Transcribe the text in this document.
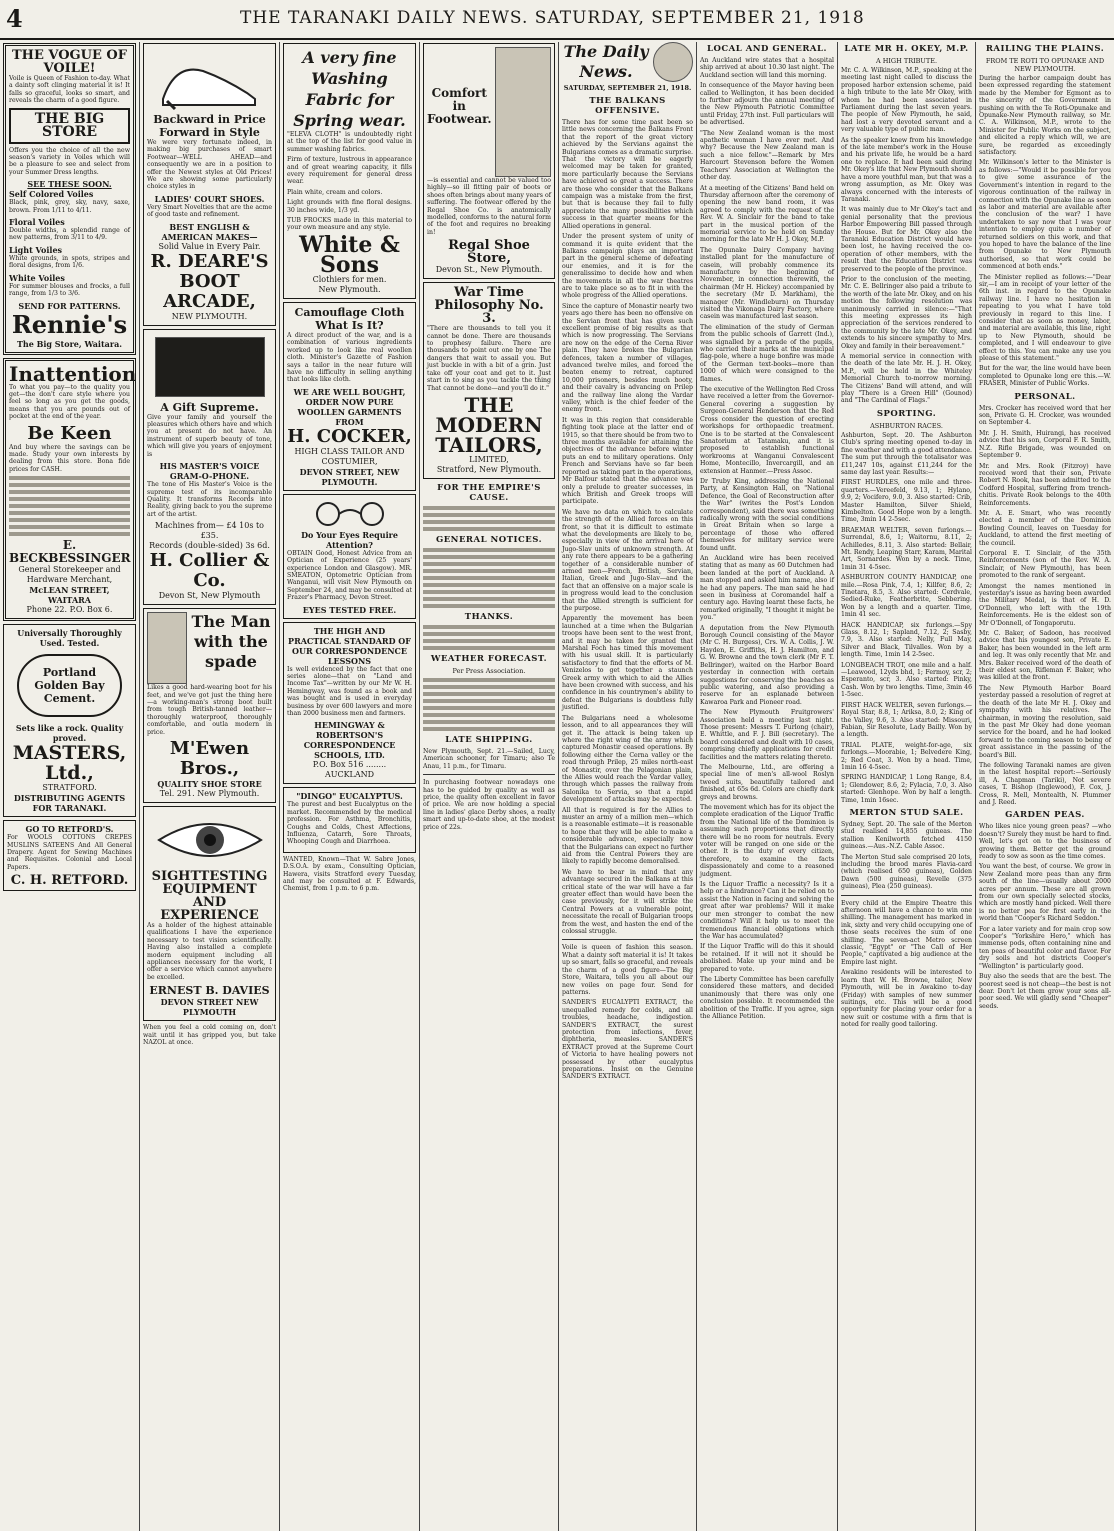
4	THE TARANAKI DAILY NEWS. SATURDAY, SEPTEMBER 21, 1918
THE VOGUE OF VOILE!
Voile is Queen of Fashion to-day. What a dainty soft clinging material it is! It falls so graceful, looks so smart, and reveals the charm of a good figure.
THE BIG STORE
Offers you the choice of all the new season's variety in Voiles which will be a pleasure to see and select from your Summer Dress lengths.
SEE THESE SOON.
Self Colored Voiles
Black, pink, grey, sky, navy, saxe, brown. From 1/11 to 4/11.
Floral Voiles
Double widths, a splendid range of new patterns, from 3/11 to 4/9.
Light Voiles
White grounds, in spots, stripes and floral designs, from 1/6.
White Voiles
For summer blouses and frocks, a full range, from 1/3 to 3/6.
SEND FOR PATTERNS.
Rennie's
The Big Store, Waitara.
Inattention
To what you pay—to the quality you get—the don't care style where you feel so long as you get the goods, means that you are pounds out of pocket at the end of the year.
Be Keen
And buy where the savings can be made. Study your own interests by dealing from this store. Bona fide prices for CASH.
E. BECKBESSINGER
General Storekeeper and Hardware Merchant,
McLEAN STREET, WAITARA
Phone 22. P.O. Box 6.
Universally Thoroughly Used. Tested.
Portland Golden Bay Cement.
Sets like a rock. Quality proved.
MASTERS, Ltd.,
STRATFORD.
DISTRIBUTING AGENTS FOR TARANAKI.
GO TO RETFORD'S.
For WOOLS COTTONS CREPES MUSLINS SATEENS And All General Drapery. Agent for Sewing Machines and Requisites. Colonial and Local Papers.
C. H. RETFORD.
Backward in Price Forward in Style
We were very fortunate indeed, in making big purchases of smart Footwear—WELL AHEAD—and consequently we are in a position to offer the Newest styles at Old Prices! We are showing some particularly choice styles in
LADIES' COURT SHOES.
Very Smart Novelties that are the acme of good taste and refinement.
BEST ENGLISH & AMERICAN MAKES—
Solid Value in Every Pair.
R. DEARE'S BOOT ARCADE,
NEW PLYMOUTH.
A Gift Supreme.
Give your family and yourself the pleasures which others have and which you at present do not have. An instrument of superb beauty of tone, which will give you years of enjoyment is
HIS MASTER'S VOICE GRAM-O-PHONE.
The tone of His Master's Voice is the supreme test of its incomparable Quality. It transforms Records into Reality, giving back to you the supreme art of the artist.
Machines from— £4 10s to £35.
Records (double-sided) 3s 6d.
H. Collier & Co.
Devon St, New Plymouth
The Man with the spade
Likes a good hard-wearing boot for his feet, and we've got just the thing here—a working-man's strong boot built from tough British-tanned leather—thoroughly waterproof, thoroughly comfortable, and outla modern in price.
M'Ewen Bros.,
QUALITY SHOE STORE
Tel. 291. New Plymouth.
SIGHTTESTING EQUIPMENT AND EXPERIENCE
As a holder of the highest attainable qualifications I have the experience necessary to test vision scientifically. Having also installed a complete modern equipment including all appliances necessary for the work, I offer a service which cannot anywhere be excelled.
ERNEST B. DAVIES
DEVON STREET NEW PLYMOUTH
When you feel a cold coming on, don't wait until it has gripped you, but take NAZOL at once.
A very fine Washing Fabric for Spring wear.
"ELEVA CLOTH" is undoubtedly right at the top of the list for good value in summer washing fabrics.
Firm of texture, lustrous in appearance and of great wearing capacity, it fills every requirement for general dress wear.
Plain white, cream and colors.
Light grounds with fine floral designs. 30 inches wide, 1/3 yd.
TUB FROCKS made in this material to your own measure and any style.
White & Sons
Clothiers for men.
New Plymouth.
Camouflage Cloth What Is It?
A direct product of the war, and is a combination of various ingredients worked up to look like real woollen cloth. Minister's Gazette of Fashion says a tailor in the near future will have no difficulty in selling anything that looks like cloth.
WE ARE WELL BOUGHT, ORDER NOW PURE WOOLLEN GARMENTS FROM
H. COCKER,
HIGH CLASS TAILOR AND COSTUMIER,
DEVON STREET, NEW PLYMOUTH.
Do Your Eyes Require Attention?
OBTAIN Good, Honest Advice from an Optician of Experience (25 years' experience London and Glasgow). MR. SMEATON, Optometric Optician from Wanganui, will visit New Plymouth on September 24, and may be consulted at Frazer's Pharmacy, Devon Street.
EYES TESTED FREE.
THE HIGH AND PRACTICAL STANDARD OF OUR CORRESPONDENCE LESSONS
Is well evidenced by the fact that one series alone—that on "Land and Income Tax"—written by our Mr W. H. Hemingway, was found as a book and was bought and is used in everyday business by over 600 lawyers and more than 2000 business men and farmers.
HEMINGWAY & ROBERTSON'S CORRESPONDENCE SCHOOLS, LTD.
P.O. Box 516 ........ AUCKLAND
"DINGO" EUCALYPTUS.
The purest and best Eucalyptus on the market. Recommended by the medical profession. For Asthma, Bronchitis, Coughs and Colds, Chest Affections, Influenza, Catarrh, Sore Throats, Whooping Cough and Diarrhoea.
WANTED, Known—That W. Sabre Jones, D.S.O.A. by exam., Consulting Optician, Hawera, visits Stratford every Tuesday, and may be consulted at F. Edwards, Chemist, from 1 p.m. to 6 p.m.
Comfort in Footwear.
—is essential and cannot be valued too highly—so ill fitting pair of boots or shoes often brings about many years of suffering. The footwear offered by the Regal Shoe Co. is anatomically modelled, conforms to the natural form of the foot and requires no breaking in!
Regal Shoe Store,
Devon St., New Plymouth.
War Time Philosophy No. 3.
"There are thousands to tell you it cannot be done. There are thousands to prophesy failure. There are thousands to point out one by one The dangers that wait to assail you. But just buckle in with a bit of a grin. Just take off your coat and get to it. Just start in to sing as you tackle the thing That cannot be done—and you'll do it."
THE MODERN TAILORS,
LIMITED,
Stratford, New Plymouth.
FOR THE EMPIRE'S CAUSE.
GENERAL NOTICES.
THANKS.
WEATHER FORECAST.
Per Press Association.
LATE SHIPPING.
New Plymouth, Sept. 21.—Sailed, Lucy, American schooner, for Timaru; also Te Anau, 11 p.m., for Timaru.
In purchasing footwear nowadays one has to be guided by quality as well as price, the quality often excellent in favor of price. We are now holding a special line in ladies' glace Derby shoes, a really smart and up-to-date shoe, at the modest price of 22s.
The Daily News.
SATURDAY, SEPTEMBER 21, 1918.
THE BALKANS OFFENSIVE.
There has for some time past been so little news concerning the Balkans Front that the report of the great victory achieved by the Servians against the Bulgarians comes as a dramatic surprise. That the victory will be eagerly welcomed may be taken for granted, more particularly because the Servians have achieved so great a success. There are those who consider that the Balkans campaign was a mistake from the first, but that is because they fail to fully appreciate the many possibilities which success in that quarter means for the Allied operations in general.
Under the present system of unity of command it is quite evident that the Balkans campaign plays an important part in the general scheme of defeating our enemies, and it is for the generalissimo to decide how and when the movements in all the war theatres are to take place so as to fit in with the whole progress of the Allied operations.
Since the capture of Monastir nearly two years ago there has been no offensive on the Servian front that has given such excellent promise of big results as that which is now progressing. The Servians are now on the edge of the Cerna River plain. They have broken the Bulgarian defences, taken a number of villages, advanced twelve miles, and forced the beaten enemy to retreat, captured 10,000 prisoners, besides much booty, and their cavalry is advancing on Prilep and the railway line along the Vardar valley, which is the chief feeder of the enemy front.
It was in this region that considerable fighting took place at the latter end of 1915, so that there should be from two to three months available for attaining the objectives of the advance before winter puts an end to military operations. Only French and Servians have so far been reported as taking part in the operations, Mr Balfour stated that the advance was only a prelude to greater successes, in which British and Greek troops will participate.
We have no data on which to calculate the strength of the Allied forces on this front, so that it is difficult to estimate what the developments are likely to be, especially in view of the arrival here of Jugo-Slav units of unknown strength. At any rate there appears to be a gathering together of a considerable number of armed men—French, British, Servian, Italian, Greek and Jugo-Slav—and the fact that an offensive on a major scale is in progress would lead to the conclusion that the Allied strength is sufficient for the purpose.
Apparently the movement has been launched at a time when the Bulgarian troops have been sent to the west front, and it may be taken for granted that Marshal Foch has timed this movement with his usual skill. It is particularly satisfactory to find that the efforts of M. Venizelos to get together a staunch Greek army with which to aid the Allies have been crowned with success, and his confidence in his countrymen's ability to defeat the Bulgarians is doubtless fully justified.
The Bulgarians need a wholesome lesson, and to all appearances they will get it. The attack is being taken up where the right wing of the army which captured Monastir ceased operations. By following either the Cerna valley or the road through Prilep, 25 miles north-east of Monastir, over the Pelagonian plain, the Allies would reach the Vardar valley, through which passes the railway from Salonika to Servia, so that a rapid development of attacks may be expected.
All that is required is for the Allies to muster an army of a million men—which is a reasonable estimate—it is reasonable to hope that they will be able to make a considerable advance, especially now that the Bulgarians can expect no further aid from the Central Powers they are likely to rapidly become demoralised.
We have to bear in mind that any advantage secured in the Balkans at this critical state of the war will have a far greater effect than would have been the case previously, for it will strike the Central Powers at a vulnerable point, necessitate the recall of Bulgarian troops from the west, and hasten the end of the colossal struggle.
Voile is queen of fashion this season. What a dainty soft material it is! It takes up so smart, falls so graceful, and reveals the charm of a good figure—The Big Store, Waitara, tells you all about our new voiles on page four. Send for patterns.
SANDER'S EUCALYPTI EXTRACT, the unequalled remedy for colds, and all troubles, headache, indigestion. SANDER'S EXTRACT, the surest protection from infections, fever, diphtheria, measles. SANDER'S EXTRACT proved at the Supreme Court of Victoria to have healing powers not possessed by other eucalyptus preparations. Insist on the Genuine SANDER'S EXTRACT.
LOCAL AND GENERAL.
An Auckland wire states that a hospital ship arrived at about 10.30 last night. The Auckland section will land this morning.
In consequence of the Mayor having been called to Wellington, it has been decided to further adjourn the annual meeting of the New Plymouth Patriotic Committee until Friday, 27th inst. Full particulars will be advertised.
"The New Zealand woman is the most apathetic woman I have ever met. And why? Because the New Zealand man is such a nice fellow."—Remark by Mrs Harcourt Stevenson before the Women Teachers' Association at Wellington the other day.
At a meeting of the Citizens' Band held on Thursday afternoon after the ceremony of opening the new band room, it was agreed to comply with the request of the Rev. W. A. Sinclair for the band to take part in the musical portion of the memorial service to be held on Sunday morning for the late Mr H. J. Okey, M.P.
The Opunake Dairy Company having installed plant for the manufacture of casein, will probably commence its manufacture by the beginning of November, in connection therewith, the chairman (Mr H. Hickey) accompanied by the secretary (Mr D. Markham), the manager (Mr. Windleburn) on Thursday visited the Vikonaga Dairy Factory, where casein was manufactured last season.
The elimination of the study of German from the public schools of Garrett (Ind.), was signalled by a parade of the pupils, who carried their marks at the municipal flag-pole, where a huge bonfire was made of the German text-books—more than 1000 of which were consigned to the flames.
The executive of the Wellington Red Cross have received a letter from the Governor-General covering a suggestion by Surgeon-General Henderson that the Red Cross consider the question of erecting workshops for orthopaedic treatment. One is to be started at the Convalescent Sanatorium at Tatamaku, and it is proposed to establish functional workrooms at Wanganui Convalescent Home, Montecillo, Invercargill, and an extension at Hanmer.—Press Assoc.
Dr Truby King, addressing the National Party, at Kensington Hall, on "National Defence, the Goal of Reconstruction after the War" (writes the Post's London correspondent), said there was something radically wrong with the social conditions in Great Britain when so large a percentage of those who offered themselves for military service were found unfit.
An Auckland wire has been received stating that as many as 60 Dutchmen had been landed at the port of Auckland. A man stopped and asked him name, also if he had any papers. The man said he had seen in business at Coromandel half a century ago. Having learnt these facts, he remarked originally, "I thought it might be you."
A deputation from the New Plymouth Borough Council consisting of the Mayor (Mr C. H. Burgess), Crs. W. A. Collis, J. W. Hayden, E. Griffiths, H. J. Hamilton, and G. W. Browne and the town clerk (Mr F. T. Bellringer), waited on the Harbor Board yesterday in connection with certain suggestions for conserving the beaches as public watering, and also providing a reserve for an esplanade between Kawaroa Park and Pioneer road.
The New Plymouth Fruitgrowers' Association held a meeting last night. Those present: Messrs T. Furlong (chair), E. Whittle, and F. J. Bill (secretary). The board considered and dealt with 10 cases, comprising chiefly applications for credit facilities and the matters relating thereto.
The Melbourne, Ltd., are offering a special line of men's all-wool Roslyn tweed suits, beautifully tailored and finished, at 65s 6d. Colors are chiefly dark greys and browns.
The movement which has for its object the complete eradication of the Liquor Traffic from the National life of the Dominion is assuming such proportions that directly there will be no room for neutrals. Every voter will be ranged on one side or the other. It is the duty of every citizen, therefore, to examine the facts dispassionately and come to a reasoned judgment.
Is the Liquor Traffic a necessity? Is it a help or a hindrance? Can it be relied on to assist the Nation in facing and solving the great after war problems? Will it make our men stronger to combat the new conditions? Will it help us to meet the tremendous financial obligations which the War has accumulated?
If the Liquor Traffic will do this it should be retained. If it will not it should be abolished. Make up your mind and be prepared to vote.
The Liberty Committee has been carefully considered these matters, and decided unanimously that there was only one conclusion possible. It recommended the abolition of the Traffic. If you agree, sign the Alliance Petition.
LATE MR H. OKEY, M.P.
A HIGH TRIBUTE.
Mr. C. A. Wilkinson, M.P., speaking at the meeting last night called to discuss the proposed harbor extension scheme, paid a high tribute to the late Mr Okey, with whom he had been associated in Parliament during the last seven years. The people of New Plymouth, he said, had lost a very devoted servant and a very valuable type of public man.
As the speaker knew from his knowledge of the late member's work in the House and his private life, he would be a hard one to replace. It had been said during Mr. Okey's life that New Plymouth should have a more youthful man, but that was a wrong assumption, as Mr. Okey was always concerned with the interests of Taranaki.
It was mainly due to Mr Okey's tact and genial personality that the previous Harbor Empowering Bill passed through the House. But for Mr. Okey also the Taranaki Education District would have been lost, he having received the co-operation of other members, with the result that the Education District was preserved to the people of the province.
Prior to the conclusion of the meeting, Mr. C. E. Bellringer also paid a tribute to the worth of the late Mr. Okey, and on his motion the following resolution was unanimously carried in silence:—"That this meeting expresses its high appreciation of the services rendered to the community by the late Mr. Okey, and extends to his sincere sympathy to Mrs. Okey and family in their bereavement."
A memorial service in connection with the death of the late Mr. H. J. H. Okey, M.P., will be held in the Whiteley Memorial Church to-morrow morning. The Citizens' Band will attend, and will play "There is a Green Hill" (Gounod) and "The Cardinal of Flags."
SPORTING.
ASHBURTON RACES.
Ashburton, Sept. 20. The Ashburton Club's spring meeting opened to-day in fine weather and with a good attendance. The sum put through the totalisator was £11,247 10s, against £11,244 for the same day last year. Results:—
FIRST HURDLES, one mile and three-quarters.—Vereefeld, 9.13, 1; Hylano, 9.9, 2; Vocifero, 9.0, 3. Also started: Crib, Master Hamilton, Silver Shield, Kimbelton. Good Hope won by a length. Time, 3min 14 2-5sec.
BRAEMAR WELTER, seven furlongs.—Surrendal, 8.6, 1; Waitornu, 8.11, 2; Achilledes, 8.11, 3. Also started: Bellair, Mt. Rendy, Leaping Starr, Karam, Marital Art, Sornardes. Won by a neck. Time, 1min 31 4-5sec.
ASHBURTON COUNTY HANDICAP, one mile.—Rosa Pink, 7.4, 1; Killfer, 8.6, 2; Tinetara, 8.5, 3. Also started: Cerdvale, Sedied-Ruke, Featherbrite, Sebbering. Won by a length and a quarter. Time, 1min 41 sec.
HACK HANDICAP, six furlongs.—Spy Glass, 8.12, 1; Sapland, 7.12, 2; Sasby, 7.9, 3. Also started: Nelly, Full May, Silver and Black, Tilvalles. Won by a length. Time, 1min 14 2-5sec.
LONGBEACH TROT, one mile and a half.—Leawood, 12yds bhd, 1; Fermoy, scr, 2; Esperanto, scr, 3. Also started: Pinky, Cash. Won by two lengths. Time, 3min 46 1-5sec.
FIRST HACK WELTER, seven furlongs.—Royal Star, 8.8, 1; Ariksa, 8.0, 2; King of the Valley, 9.6, 3. Also started: Missouri, Fabian, Sir Resolute, Lady Bailly. Won by a length.
TRIAL PLATE, weight-for-age, six furlongs.—Moorabie, 1; Belvedere King, 2; Red Coat, 3. Won by a head. Time, 1min 16 4-5sec.
SPRING HANDICAP, 1 Long Range, 8.4, 1; Glendower, 8.6, 2; Fylacia, 7.0, 3. Also started: Glenhope. Won by half a length. Time, 1min 16sec.
MERTON STUD SALE.
Sydney, Sept. 20. The sale of the Merton stud realised 14,855 guineas. The stallion Kenilworth fetched 4150 guineas.—Aus.-N.Z. Cable Assoc.
The Merton Stud sale comprised 20 lots, including the brood mares Flavia-card (which realised 650 guineas), Golden Dawn (500 guineas), Revelle (375 guineas), Plea (250 guineas).
Every child at the Empire Theatre this afternoon will have a chance to win one shilling. The management has marked in ink, sixty and very child occupying one of those seats receives the sum of one shilling. The seven-act Metro screen classic, "Egypt" or "The Call of Her People," captivated a big audience at the Empire last night.
Awakino residents will be interested to learn that W. H. Browne, tailor, New Plymouth, will be in Awakino to-day (Friday) with samples of new summer suitings, etc. This will be a good opportunity for placing your order for a new suit or costume with a firm that is noted for really good tailoring.
RAILING THE PLAINS.
FROM TE ROTI TO OPUNAKE AND NEW PLYMOUTH.
During the harbor campaign doubt has been expressed regarding the statement made by the Member for Egmont as to the sincerity of the Government in pushing on with the Te Roti-Opunake and Opunake-New Plymouth railway, so Mr. C. A. Wilkinson, M.P., wrote to the Minister for Public Works on the subject, and elicited a reply which will, we are sure, be regarded as exceedingly satisfactory.
Mr. Wilkinson's letter to the Minister is as follows:—"Would it be possible for you to give some assurance of the Government's intention in regard to the vigorous continuation of the railway in connection with the Opunake line as soon as labor and material are available after the conclusion of the war? I have undertaken to say now that I was your intention to employ quite a number of returned soldiers on this work, and that you hoped to have the balance of the line from Opunake to New Plymouth authorised, so that work could be commenced at both ends."
The Minister replied as follows:—"Dear sir,—I am in receipt of your letter of the 6th inst. in regard to the Opunake railway line. I have no hesitation in repeating to you what I have told previously in regard to this line. I consider that as soon as money, labor, and material are available, this line, right up to New Plymouth, should be completed, and I will endeavour to give effect to this. You can make any use you please of this statement."
But for the war, the line would have been completed to Opunake long ere this.—W. FRASER, Minister of Public Works.
PERSONAL.
Mrs. Crocker has received word that her son, Private G. H. Crocker, was wounded on September 4.
Mr. J. H. Smith, Huirangi, has received advice that his son, Corporal F. R. Smith, N.Z. Rifle Brigade, was wounded on September 9.
Mr. and Mrs. Rook (Fitzroy) have received word that their son, Private Robert N. Rook, has been admitted to the Codford Hospital, suffering from trench-chitis. Private Rook belongs to the 40th Reinforcements.
Mr. A. E. Smart, who was recently elected a member of the Dominion Bowling Council, leaves on Tuesday for Auckland, to attend the first meeting of the council.
Corporal E. T. Sinclair, of the 35th Reinforcements (son of the Rev. W. A. Sinclair, of New Plymouth), has been promoted to the rank of sergeant.
Amongst the names mentioned in yesterday's issue as having been awarded the Military Medal, is that of H. D. O'Donnell, who left with the 19th Reinforcements. He is the eldest son of Mr O'Donnell, of Tongaporutu.
Mr. C. Baker, of Sadoon, has received advice that his youngest son, Private E. Baker, has been wounded in the left arm and leg. It was only recently that Mr. and Mrs. Baker received word of the death of their eldest son, Rifleman F. Baker, who was killed at the front.
The New Plymouth Harbor Board yesterday passed a resolution of regret at the death of the late Mr H. J. Okey and sympathy with his relatives. The chairman, in moving the resolution, said in the past Mr Okey had done yeoman service for the board, and he had looked forward to the coming season to being of great assistance in the passing of the board's Bill.
The following Taranaki names are given in the latest hospital report:—Seriously ill, A. Chapman (Tariki), Not severe cases, T. Bishop (Inglewood), F. Cox, J. Cross, R. Mell, Montealth, N. Plummer and J. Reed.
GARDEN PEAS.
Who likes nice young green peas? —who doesn't? Surely they must be hard to find. Well, let's get on to the business of growing them. Better get the ground ready to sow as soon as the time comes.
You want the best, of course. We grow in New Zealand more peas than any firm south of the line—usually about 2000 acres per annum. These are all grown from our own specially selected stocks, which are mostly hand picked. Well there is no better pea for first early in the world than "Cooper's Richard Seddon."
For a later variety and for main crop sow Cooper's "Yorkshire Hero," which has immense pods, often containing nine and ten peas of beautiful color and flavor. For dry soils and hot districts Cooper's "Wellington" is particularly good.
Buy also the seeds that are the best. The poorest seed is not cheap—the best is not dear. Don't let them grow your sons all-poor seed. We will gladly send "Cheaper" seeds.
